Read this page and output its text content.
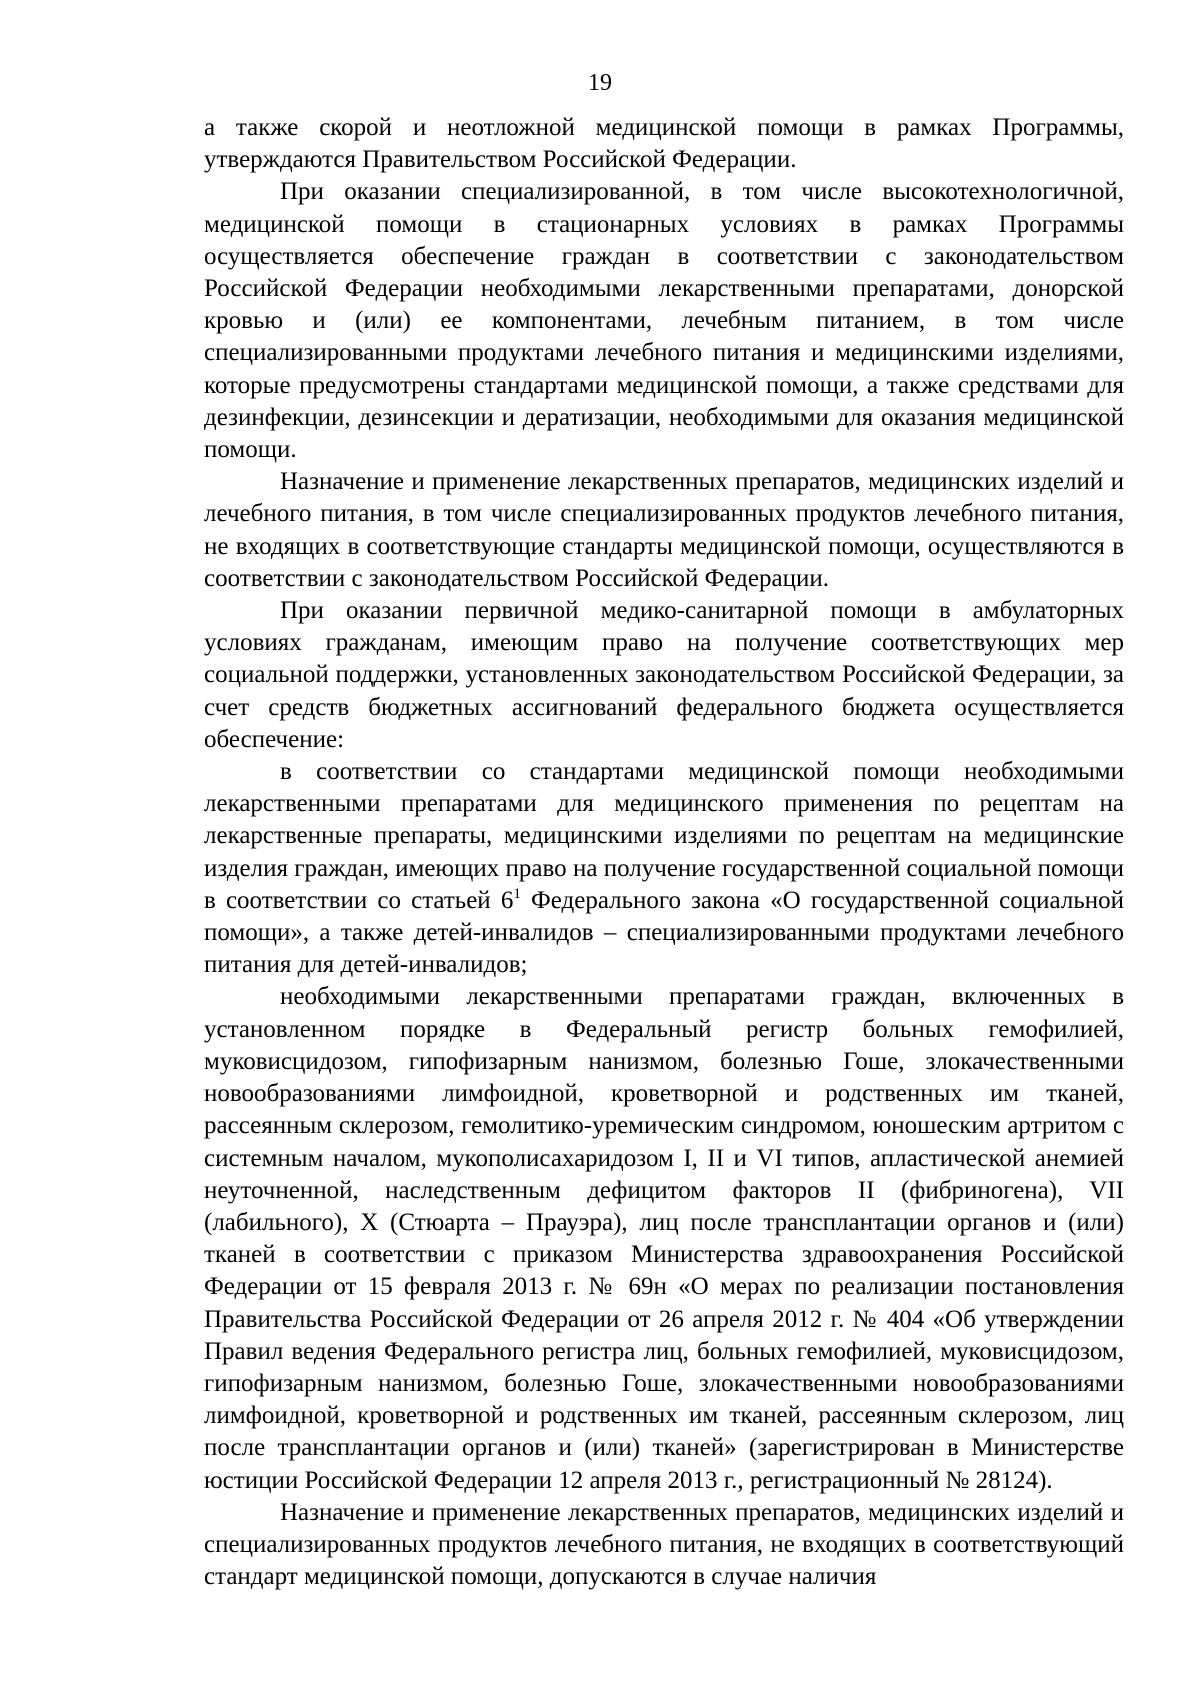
19

а также скорой и неотложной медицинской помощи в рамках Программы, утверждаются Правительством Российской Федерации.

При оказании специализированной, в том числе высокотехнологичной, медицинской помощи в стационарных условиях в рамках Программы осуществляется обеспечение граждан в соответствии с законодательством Российской Федерации необходимыми лекарственными препаратами, донорской кровью и (или) ее компонентами, лечебным питанием, в том числе специализированными продуктами лечебного питания и медицинскими изделиями, которые предусмотрены стандартами медицинской помощи, а также средствами для дезинфекции, дезинсекции и дератизации, необходимыми для оказания медицинской помощи.

Назначение и применение лекарственных препаратов, медицинских изделий и лечебного питания, в том числе специализированных продуктов лечебного питания, не входящих в соответствующие стандарты медицинской помощи, осуществляются в соответствии с законодательством Российской Федерации.

При оказании первичной медико-санитарной помощи в амбулаторных условиях гражданам, имеющим право на получение соответствующих мер социальной поддержки, установленных законодательством Российской Федерации, за счет средств бюджетных ассигнований федерального бюджета осуществляется обеспечение:

в соответствии со стандартами медицинской помощи необходимыми лекарственными препаратами для медицинского применения по рецептам на лекарственные препараты, медицинскими изделиями по рецептам на медицинские изделия граждан, имеющих право на получение государственной социальной помощи в соответствии со статьей $6^1$ Федерального закона «О государственной социальной помощи», а также детей-инвалидов – специализированными продуктами лечебного питания для детей-инвалидов;

необходимыми лекарственными препаратами граждан, включенных в установленном порядке в Федеральный регистр больных гемофилией, муковисцидозом, гипофизарным нанизмом, болезнью Гоше, злокачественными новообразованиями лимфоидной, кроветворной и родственных им тканей, рассеянным склерозом, гемолитико-уремическим синдромом, юношеским артритом с системным началом, мукополисахаридозом I, II и VI типов, апластической анемией неуточненной, наследственным дефицитом факторов II (фибриногена), VII (лабильного), X (Стюарта – Прауэра), лиц после трансплантации органов и (или) тканей в соответствии с приказом Министерства здравоохранения Российской Федерации от 15 февраля 2013 г. № 69н «О мерах по реализации постановления Правительства Российской Федерации от 26 апреля 2012 г. № 404 «Об утверждении Правил ведения Федерального регистра лиц, больных гемофилией, муковисцидозом, гипофизарным нанизмом, болезнью Гоше, злокачественными новообразованиями лимфоидной, кроветворной и родственных им тканей, рассеянным склерозом, лиц после трансплантации органов и (или) тканей» (зарегистрирован в Министерстве юстиции Российской Федерации 12 апреля 2013 г., регистрационный № 28124).

Назначение и применение лекарственных препаратов, медицинских изделий и специализированных продуктов лечебного питания, не входящих в соответствующий стандарт медицинской помощи, допускаются в случае наличия
